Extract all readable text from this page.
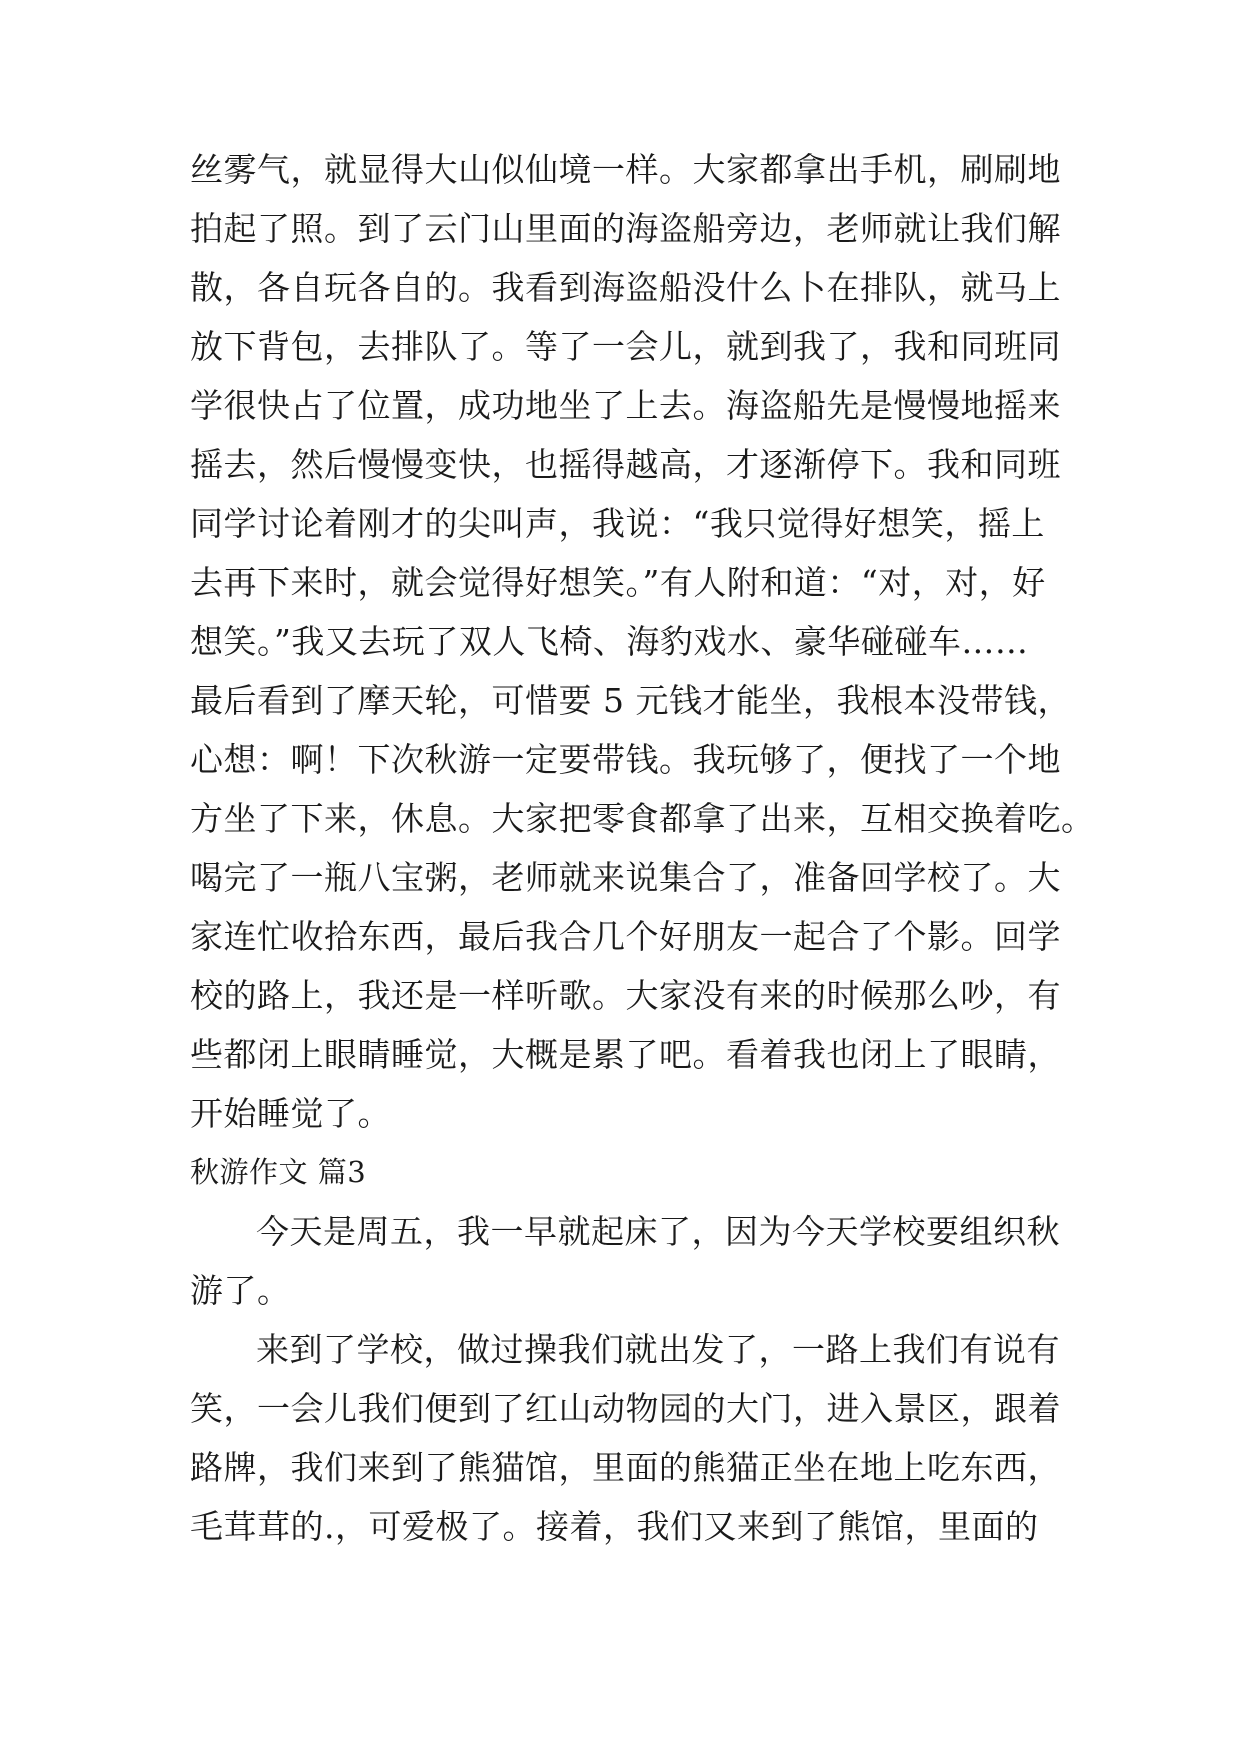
丝雾气，就显得大山似仙境一样。大家都拿出手机，刷刷地
拍起了照。到了云门山里面的海盗船旁边，老师就让我们解
散，各自玩各自的。我看到海盗船没什么卜在排队，就马上
放下背包，去排队了。等了一会儿，就到我了，我和同班同
学很快占了位置，成功地坐了上去。海盗船先是慢慢地摇来
摇去，然后慢慢变快，也摇得越高，才逐渐停下。我和同班
同学讨论着刚才的尖叫声，我说：“我只觉得好想笑，摇上
去再下来时，就会觉得好想笑。”有人附和道：“对，对，好
想笑。”我又去玩了双人飞椅、海豹戏水、豪华碰碰车……
最后看到了摩天轮，可惜要 5 元钱才能坐，我根本没带钱，
心想：啊！下次秋游一定要带钱。我玩够了，便找了一个地
方坐了下来，休息。大家把零食都拿了出来，互相交换着吃。
喝完了一瓶八宝粥，老师就来说集合了，准备回学校了。大
家连忙收拾东西，最后我合几个好朋友一起合了个影。回学
校的路上，我还是一样听歌。大家没有来的时候那么吵，有
些都闭上眼睛睡觉，大概是累了吧。看着我也闭上了眼睛，
开始睡觉了。
秋游作文 篇3
今天是周五，我一早就起床了，因为今天学校要组织秋
游了。
来到了学校，做过操我们就出发了，一路上我们有说有
笑，一会儿我们便到了红山动物园的大门，进入景区，跟着
路牌，我们来到了熊猫馆，里面的熊猫正坐在地上吃东西，
毛茸茸的.，可爱极了。接着，我们又来到了熊馆，里面的
